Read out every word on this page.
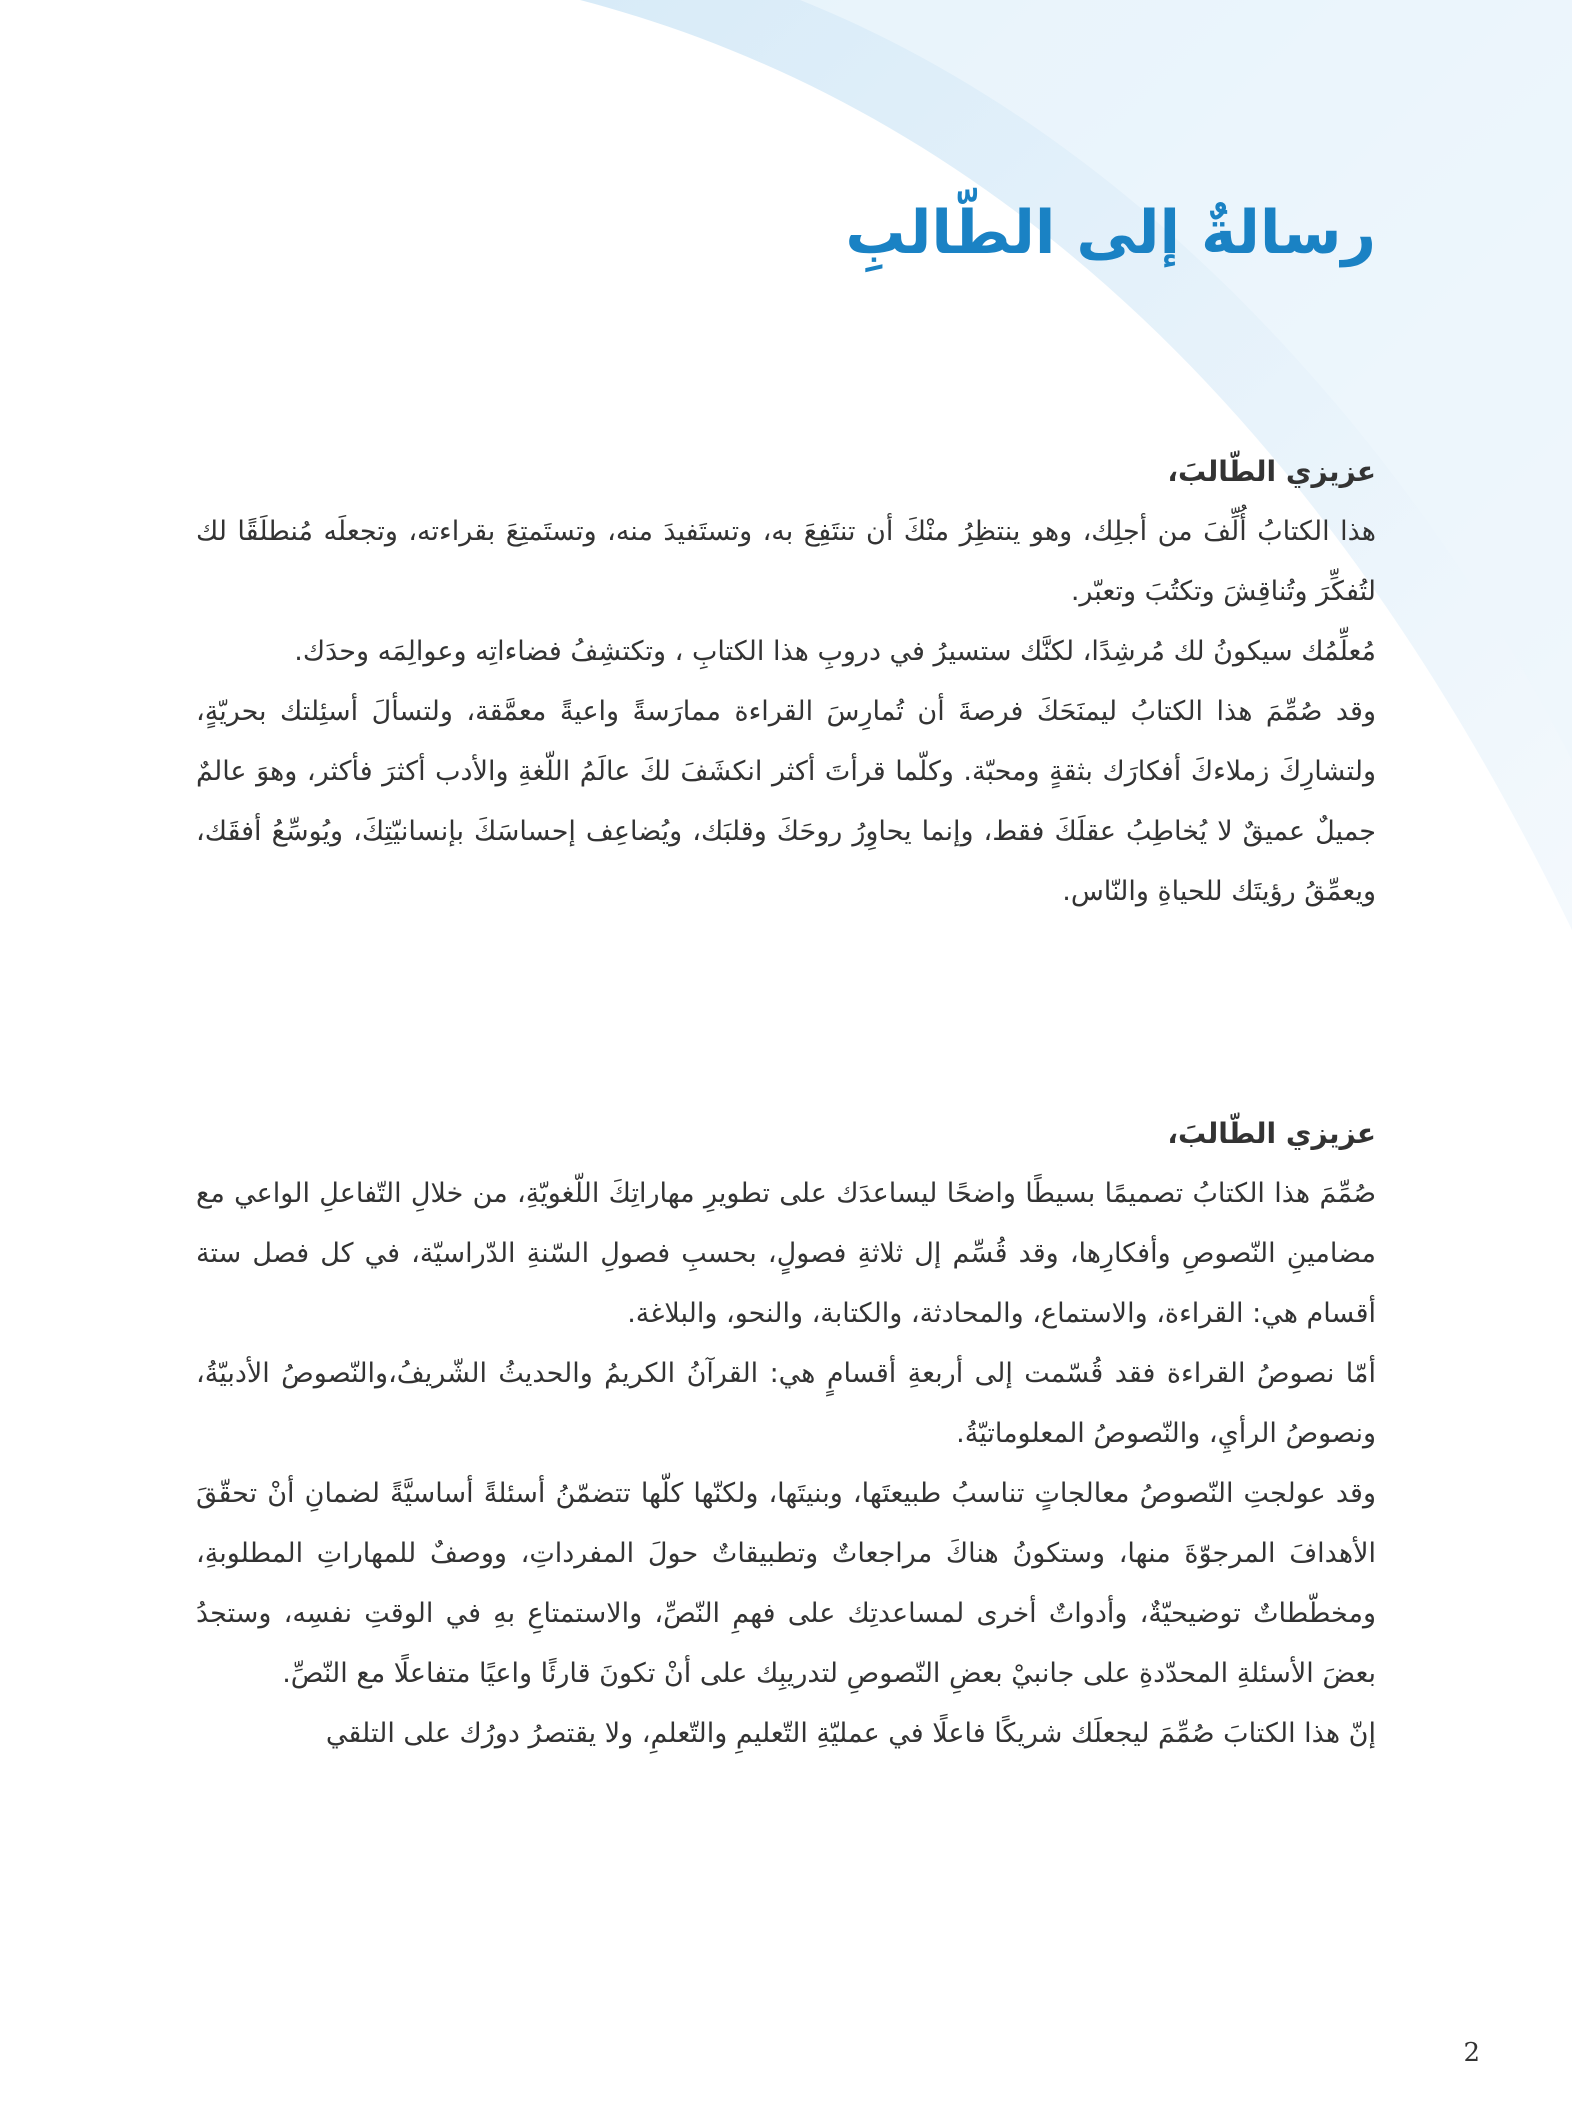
رسالةٌ إلى الطّالبِ

عزيزي الطّالبَ،

هذا الكتابُ أُلِّفَ من أجلِك، وهو ينتظِرُ منْكَ أن تنتَفِعَ به، وتستَفيدَ منه، وتستَمتِعَ بقراءته، وتجعلَه مُنطلَقًا لك لتُفكِّرَ وتُناقِشَ وتكتُبَ وتعبّر.

مُعلِّمُك سيكونُ لك مُرشِدًا، لكنَّك ستسيرُ في دروبِ هذا الكتابِ ، وتكتشِفُ فضاءاتِه وعوالِمَه وحدَك.

وقد صُمِّمَ هذا الكتابُ ليمنَحَكَ فرصةَ أن تُمارِسَ القراءة ممارَسةً واعيةً معمَّقة، ولتسألَ أسئِلتك بحريّةٍ، ولتشارِكَ زملاءكَ أفكارَك بثقةٍ ومحبّة. وكلّما قرأتَ أكثر انكشَفَ لكَ عالَمُ اللّغةِ والأدب أكثرَ فأكثر، وهوَ عالمٌ جميلٌ عميقٌ لا يُخاطِبُ عقلَكَ فقط، وإنما يحاوِرُ روحَكَ وقلبَك، ويُضاعِف إحساسَكَ بإنسانيّتِكَ، ويُوسِّعُ أفقَك، ويعمِّقُ رؤيتَك للحياةِ والنّاس.

عزيزي الطّالبَ،

صُمِّمَ هذا الكتابُ تصميمًا بسيطًا واضحًا ليساعدَك على تطويرِ مهاراتِكَ اللّغويّةِ، من خلالِ التّفاعلِ الواعي مع مضامينِ النّصوصِ وأفكارِها، وقد قُسِّم إل ثلاثةِ فصولٍ، بحسبِ فصولِ السّنةِ الدّراسيّة، في كل فصل ستة أقسام هي: القراءة، والاستماع، والمحادثة، والكتابة، والنحو، والبلاغة.

أمّا نصوصُ القراءة فقد قُسّمت إلى أربعةِ أقسامٍ هي: القرآنُ الكريمُ والحديثُ الشّريفُ،والنّصوصُ الأدبيّةُ، ونصوصُ الرأيِ، والنّصوصُ المعلوماتيّةُ.

وقد عولجتِ النّصوصُ معالجاتٍ تناسبُ طبيعتَها، وبنيتَها، ولكنّها كلّها تتضمّنُ أسئلةً أساسيَّةً لضمانِ أنْ تحقّقَ الأهدافَ المرجوّةَ منها، وستكونُ هناكَ مراجعاتٌ وتطبيقاتٌ حولَ المفرداتِ، ووصفٌ للمهاراتِ المطلوبةِ، ومخطّطاتٌ توضيحيّةٌ، وأدواتٌ أخرى لمساعدتِك على فهمِ النّصِّ، والاستمتاعِ بهِ في الوقتِ نفسِه، وستجدُ بعضَ الأسئلةِ المحدّدةِ على جانبيْ بعضِ النّصوصِ لتدريبِك على أنْ تكونَ قارئًا واعيًا متفاعلًا مع النّصِّ.

إنّ هذا الكتابَ صُمِّمَ ليجعلَك شريكًا فاعلًا في عمليّةِ التّعليمِ والتّعلمِ، ولا يقتصرُ دورُك على التلقي

2
